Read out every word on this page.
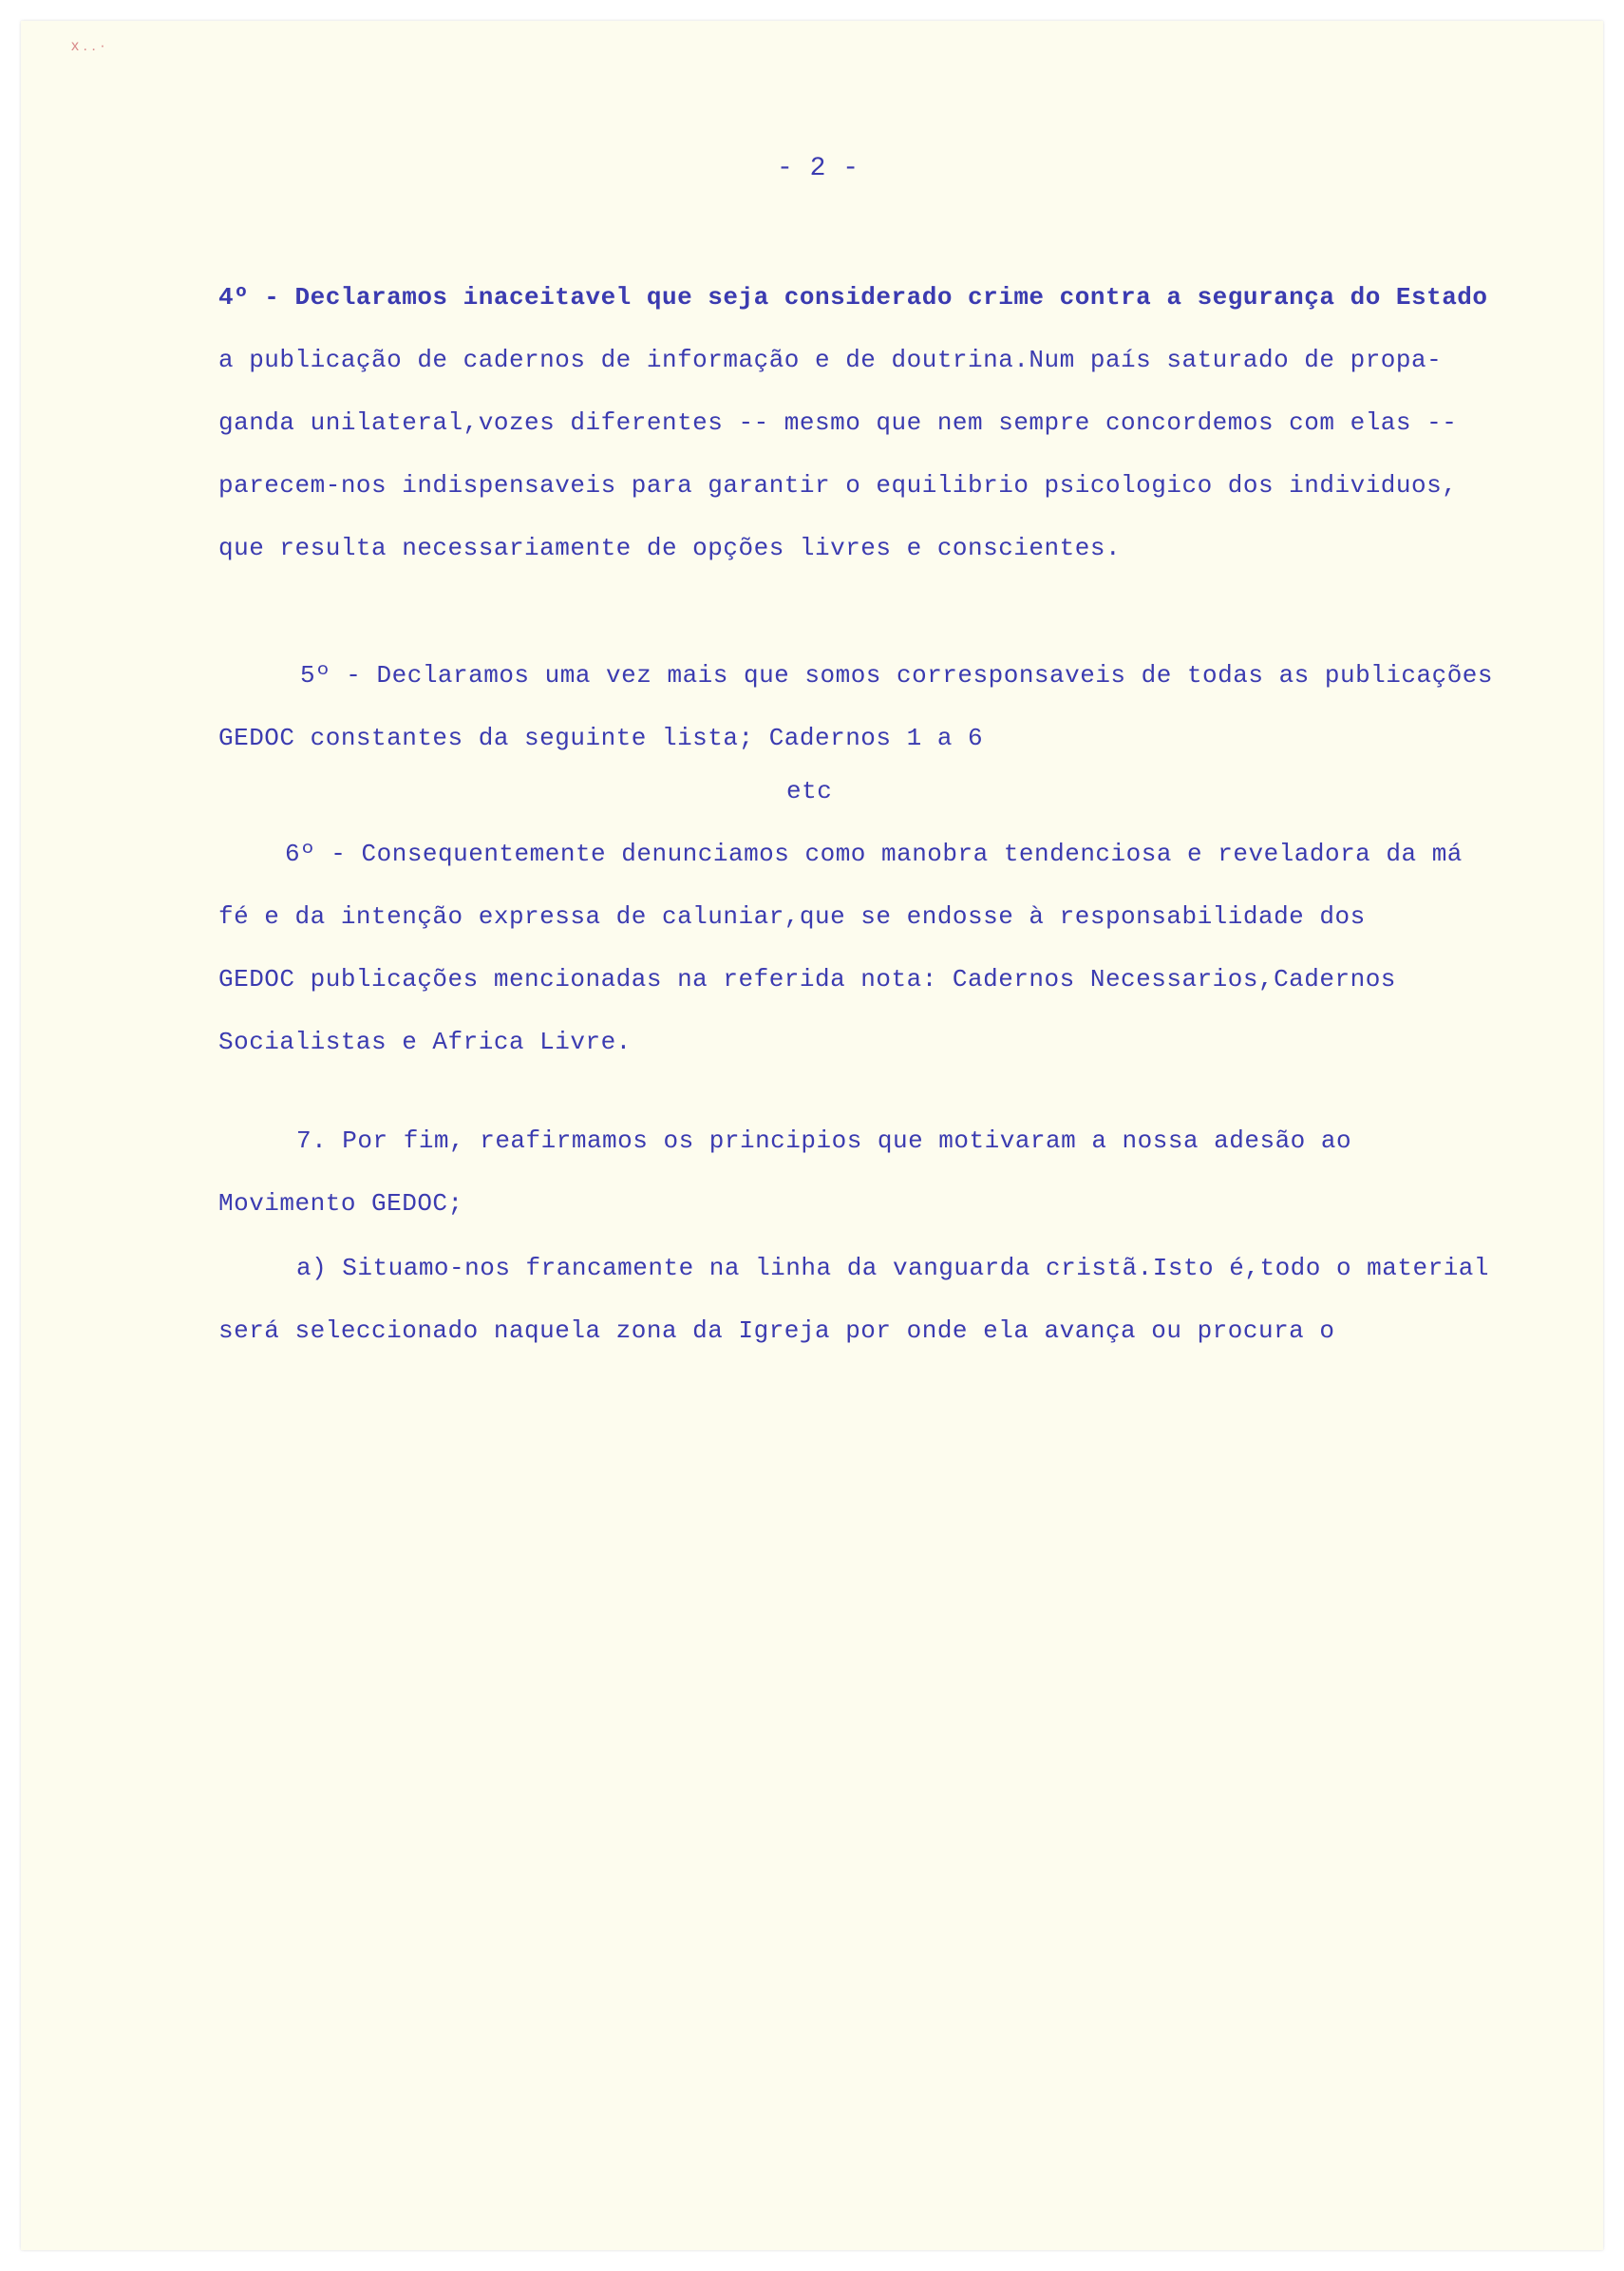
x . . ·
- 2 -
4º - Declaramos inaceitavel que seja considerado crime contra a segurança do Estado
a publicação de cadernos de informação e de doutrina.Num país saturado de propa-
ganda unilateral,vozes diferentes -- mesmo que nem sempre concordemos com elas --
parecem-nos indispensaveis para garantir o equilibrio psicologico dos individuos,
que resulta necessariamente de opções livres e conscientes.
5º - Declaramos uma vez mais que somos corresponsaveis de todas as publicações
GEDOC constantes da seguinte lista; Cadernos 1 a 6
etc
6º - Consequentemente denunciamos como manobra tendenciosa e reveladora da má
fé e da intenção expressa de caluniar,que se endosse à responsabilidade dos
GEDOC publicações mencionadas na referida nota: Cadernos Necessarios,Cadernos
Socialistas e Africa Livre.
7. Por fim, reafirmamos os principios que motivaram a nossa adesão ao
Movimento GEDOC;
a) Situamo-nos francamente na linha da vanguarda cristã.Isto é,todo o material
será seleccionado naquela zona da Igreja por onde ela avança ou procura o
